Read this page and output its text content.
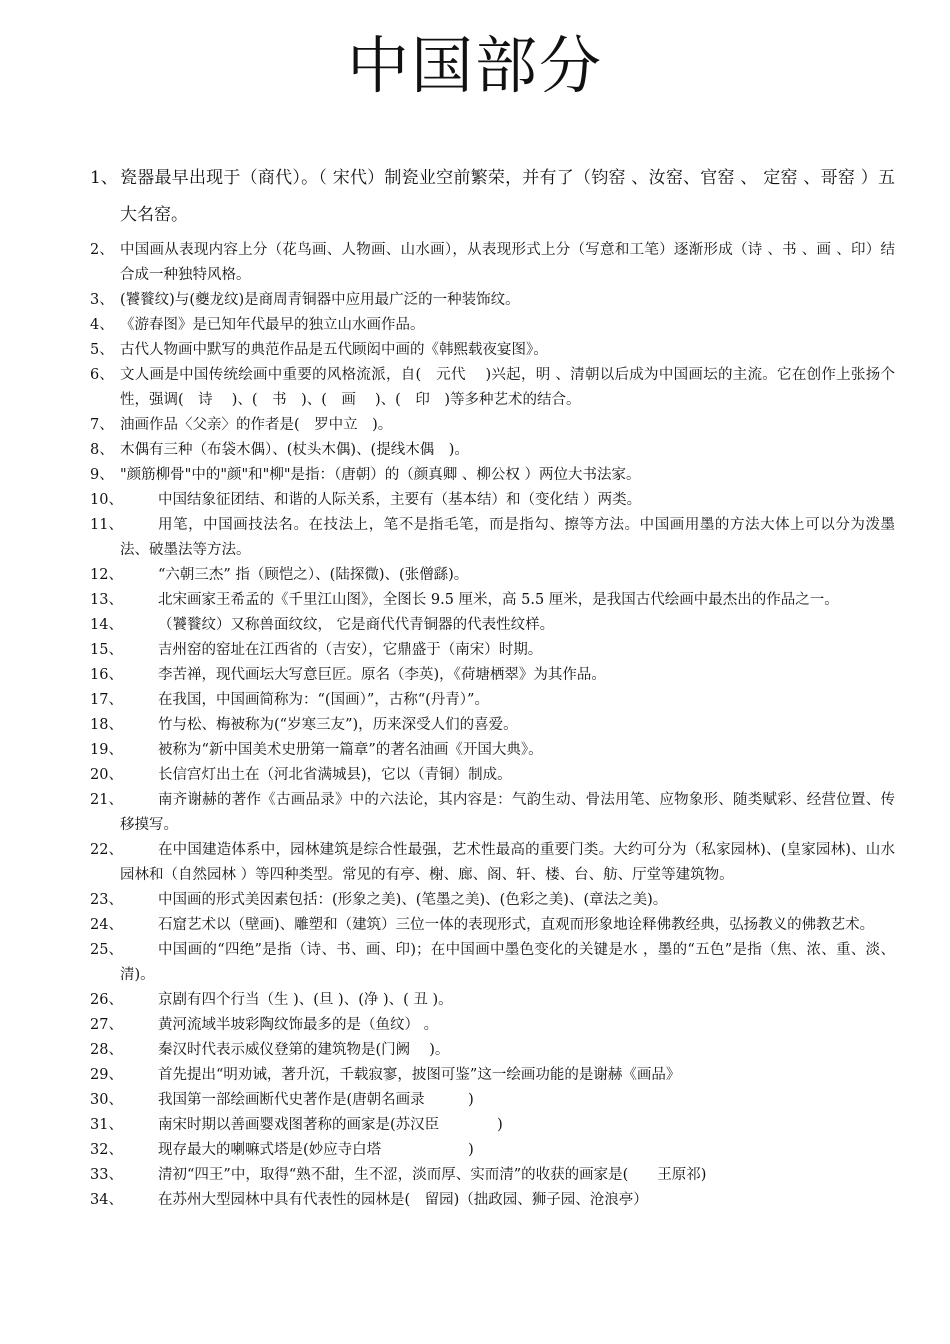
中国部分
1、 瓷器最早出现于（商代）。（ 宋代）制瓷业空前繁荣，并有了（钧窑 、汝窑、官窑 、 定窑 、哥窑 ）五大名窑。
2、 中国画从表现内容上分（花鸟画、人物画、山水画），从表现形式上分（写意和工笔）逐渐形成（诗 、书 、画 、印）结合成一种独特风格。
3、 (饕餮纹)与(夔龙纹)是商周青铜器中应用最广泛的一种装饰纹。
4、 《游春图》是已知年代最早的独立山水画作品。
5、 古代人物画中默写的典范作品是五代顾闳中画的《韩熙载夜宴图》。
6、 文人画是中国传统绘画中重要的风格流派，自(　元代　 )兴起，明 、清朝以后成为中国画坛的主流。它在创作上张扬个性，强调(　诗　 )、(　书　)、(　画　 )、(　印　)等多种艺术的结合。
7、 油画作品〈父亲〉的作者是(　罗中立　)。
8、 木偶有三种（布袋木偶）、(杖头木偶)、(提线木偶　)。
9、 "颜筋柳骨"中的"颜"和"柳"是指：（唐朝）的（颜真卿 、柳公权 ）两位大书法家。
10、	中国结象征团结、和谐的人际关系，主要有（基本结）和（变化结 ）两类。
11、	用笔，中国画技法名。在技法上，笔不是指毛笔，而是指勾、擦等方法。中国画用墨的方法大体上可以分为泼墨法、破墨法等方法。
12、	“六朝三杰” 指（顾恺之）、(陆探微)、(张僧繇)。
13、	北宋画家王希孟的《千里江山图》，全图长 9.5 厘米，高 5.5 厘米，是我国古代绘画中最杰出的作品之一。
14、	（饕餮纹）又称兽面纹纹， 它是商代代青铜器的代表性纹样。
15、	吉州窑的窑址在江西省的（吉安），它鼎盛于（南宋）时期。
16、	李苦禅，现代画坛大写意巨匠。原名（李英)，《荷塘栖翠》为其作品。
17、	在我国，中国画简称为：“(国画）”，古称“(丹青）”。
18、	竹与松、梅被称为(“岁寒三友”)，历来深受人们的喜爱。
19、	被称为“新中国美术史册第一篇章”的著名油画《开国大典》。
20、	长信宫灯出土在（河北省满城县)，它以（青铜）制成。
21、	南齐谢赫的著作《古画品录》中的六法论，其内容是：气韵生动、骨法用笔、应物象形、随类赋彩、经营位置、传移摸写。
22、	在中国建造体系中，园林建筑是综合性最强，艺术性最高的重要门类。大约可分为（私家园林)、(皇家园林)、山水园林和（自然园林 ）等四种类型。常见的有亭、榭、廊、阁、轩、楼、台、舫、厅堂等建筑物。
23、	中国画的形式美因素包括：(形象之美)、(笔墨之美)、(色彩之美)、(章法之美)。
24、	石窟艺术以（壁画)、雕塑和（建筑）三位一体的表现形式，直观而形象地诠释佛教经典，弘扬教义的佛教艺术。
25、	中国画的“四绝”是指（诗、书、画、印)；在中国画中墨色变化的关键是水 ，墨的“五色”是指（焦、浓、重、淡、清)。
26、	京剧有四个行当（生 )、(旦 )、(净 )、( 丑 )。
27、	黄河流域半坡彩陶纹饰最多的是（鱼纹） 。
28、	秦汉时代表示威仪登第的建筑物是(门阙　 )。
29、	首先提出“明劝诫，著升沉，千载寂寥，披图可鉴”这一绘画功能的是谢赫《画品》
30、	我国第一部绘画断代史著作是(唐朝名画录　　　)
31、	南宋时期以善画婴戏图著称的画家是(苏汉臣　　　　)
32、	现存最大的喇嘛式塔是(妙应寺白塔　　　　　　)
33、	清初“四王”中，取得“熟不甜，生不涩，淡而厚、实而清”的收获的画家是(　　王原祁)
34、	在苏州大型园林中具有代表性的园林是(　留园)（拙政园、狮子园、沧浪亭）
